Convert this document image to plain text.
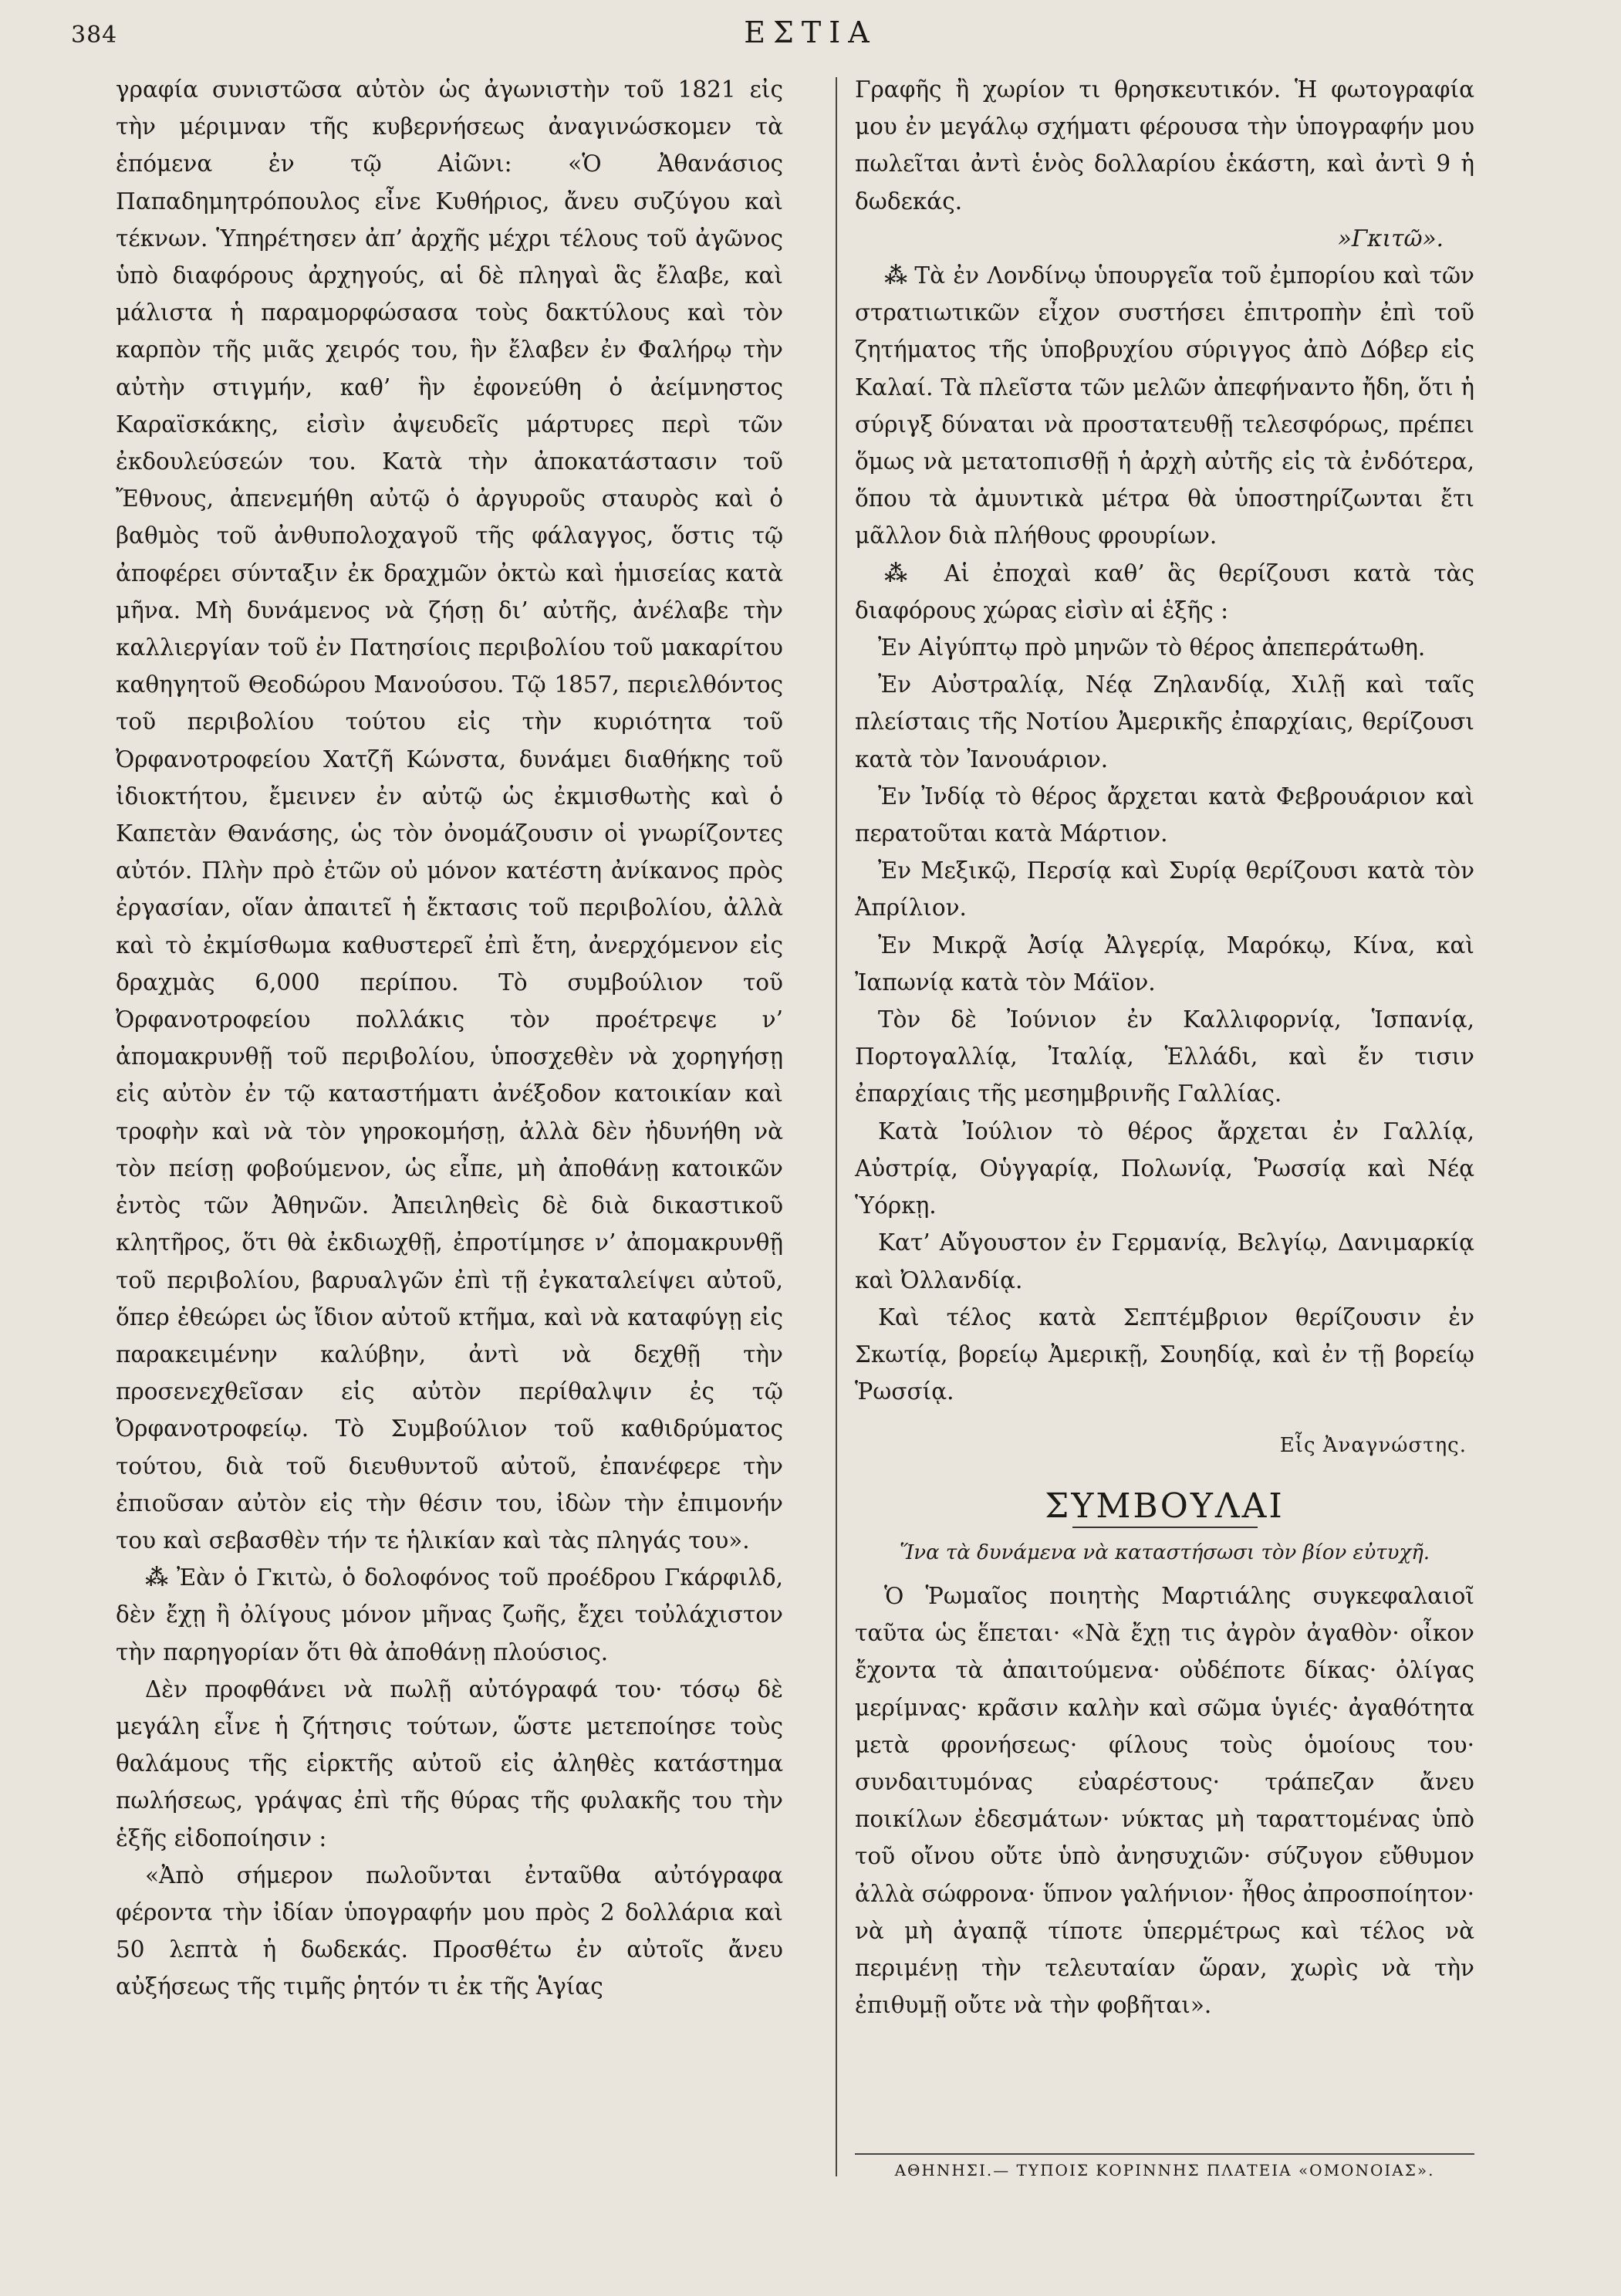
384	ΕΣΤΙΑ

γραφία συνιστῶσα αὐτὸν ὡς ἀγωνιστὴν τοῦ 1821 εἰς τὴν μέριμναν τῆς κυβερνήσεως ἀναγινώσκομεν τὰ ἑπόμενα ἐν τῷ Αἰῶνι: «Ὁ Ἀθανάσιος Παπαδημητρόπουλος εἶνε Κυθήριος, ἄνευ συζύγου καὶ τέκνων. Ὑπηρέτησεν ἀπ’ ἀρχῆς μέχρι τέλους τοῦ ἀγῶνος ὑπὸ διαφόρους ἀρχηγούς, αἱ δὲ πληγαὶ ἃς ἔλαβε, καὶ μάλιστα ἡ παραμορφώσασα τοὺς δακτύλους καὶ τὸν καρπὸν τῆς μιᾶς χειρός του, ἣν ἔλαβεν ἐν Φαλήρῳ τὴν αὐτὴν στιγμήν, καθ’ ἣν ἐφονεύθη ὁ ἀείμνηστος Καραϊσκάκης, εἰσὶν ἀψευδεῖς μάρτυρες περὶ τῶν ἐκδουλεύσεών του. Κατὰ τὴν ἀποκατάστασιν τοῦ Ἔθνους, ἀπενεμήθη αὐτῷ ὁ ἀργυροῦς σταυρὸς καὶ ὁ βαθμὸς τοῦ ἀνθυπολοχαγοῦ τῆς φάλαγγος, ὅστις τῷ ἀποφέρει σύνταξιν ἐκ δραχμῶν ὀκτὼ καὶ ἡμισείας κατὰ μῆνα. Μὴ δυνάμενος νὰ ζήσῃ δι’ αὐτῆς, ἀνέλαβε τὴν καλλιεργίαν τοῦ ἐν Πατησίοις περιβολίου τοῦ μακαρίτου καθηγητοῦ Θεοδώρου Μανούσου. Τῷ 1857, περιελθόντος τοῦ περιβολίου τούτου εἰς τὴν κυριότητα τοῦ Ὀρφανοτροφείου Χατζῆ Κώνστα, δυνάμει διαθήκης τοῦ ἰδιοκτήτου, ἔμεινεν ἐν αὐτῷ ὡς ἐκμισθωτὴς καὶ ὁ Καπετὰν Θανάσης, ὡς τὸν ὀνομάζουσιν οἱ γνωρίζοντες αὐτόν. Πλὴν πρὸ ἐτῶν οὐ μόνον κατέστη ἀνίκανος πρὸς ἐργασίαν, οἵαν ἀπαιτεῖ ἡ ἔκτασις τοῦ περιβολίου, ἀλλὰ καὶ τὸ ἐκμίσθωμα καθυστερεῖ ἐπὶ ἔτη, ἀνερχόμενον εἰς δραχμὰς 6,000 περίπου. Τὸ συμβούλιον τοῦ Ὀρφανοτροφείου πολλάκις τὸν προέτρεψε ν’ ἀπομακρυνθῇ τοῦ περιβολίου, ὑποσχεθὲν νὰ χορηγήσῃ εἰς αὐτὸν ἐν τῷ καταστήματι ἀνέξοδον κατοικίαν καὶ τροφὴν καὶ νὰ τὸν γηροκομήσῃ, ἀλλὰ δὲν ἠδυνήθη νὰ τὸν πείσῃ φοβούμενον, ὡς εἶπε, μὴ ἀποθάνῃ κατοικῶν ἐντὸς τῶν Ἀθηνῶν. Ἀπειληθεὶς δὲ διὰ δικαστικοῦ κλητῆρος, ὅτι θὰ ἐκδιωχθῇ, ἐπροτίμησε ν’ ἀπομακρυνθῇ τοῦ περιβολίου, βαρυαλγῶν ἐπὶ τῇ ἐγκαταλείψει αὐτοῦ, ὅπερ ἐθεώρει ὡς ἴδιον αὐτοῦ κτῆμα, καὶ νὰ καταφύγῃ εἰς παρακειμένην καλύβην, ἀντὶ νὰ δεχθῇ τὴν προσενεχθεῖσαν εἰς αὐτὸν περίθαλψιν ἐς τῷ Ὀρφανοτροφείῳ. Τὸ Συμβούλιον τοῦ καθιδρύματος τούτου, διὰ τοῦ διευθυντοῦ αὐτοῦ, ἐπανέφερε τὴν ἐπιοῦσαν αὐτὸν εἰς τὴν θέσιν του, ἰδὼν τὴν ἐπιμονήν του καὶ σεβασθὲν τήν τε ἡλικίαν καὶ τὰς πληγάς του».

⁂ Ἐὰν ὁ Γκιτὼ, ὁ δολοφόνος τοῦ προέδρου Γκάρφιλδ, δὲν ἔχῃ ἢ ὀλίγους μόνον μῆνας ζωῆς, ἔχει τοὐλάχιστον τὴν παρηγορίαν ὅτι θὰ ἀποθάνῃ πλούσιος.

Δὲν προφθάνει νὰ πωλῇ αὐτόγραφά του· τόσῳ δὲ μεγάλη εἶνε ἡ ζήτησις τούτων, ὥστε μετεποίησε τοὺς θαλάμους τῆς εἱρκτῆς αὐτοῦ εἰς ἀληθὲς κατάστημα πωλήσεως, γράψας ἐπὶ τῆς θύρας τῆς φυλακῆς του τὴν ἑξῆς εἰδοποίησιν :

«Ἀπὸ σήμερον πωλοῦνται ἐνταῦθα αὐτόγραφα φέροντα τὴν ἰδίαν ὑπογραφήν μου πρὸς 2 δολλάρια καὶ 50 λεπτὰ ἡ δωδεκάς. Προσθέτω ἐν αὐτοῖς ἄνευ αὐξήσεως τῆς τιμῆς ῥητόν τι ἐκ τῆς Ἁγίας

Γραφῆς ἢ χωρίον τι θρησκευτικόν. Ἡ φωτογραφία μου ἐν μεγάλῳ σχήματι φέρουσα τὴν ὑπογραφήν μου πωλεῖται ἀντὶ ἑνὸς δολλαρίου ἑκάστη, καὶ ἀντὶ 9 ἡ δωδεκάς.

»Γκιτῶ».

⁂ Τὰ ἐν Λονδίνῳ ὑπουργεῖα τοῦ ἐμπορίου καὶ τῶν στρατιωτικῶν εἶχον συστήσει ἐπιτροπὴν ἐπὶ τοῦ ζητήματος τῆς ὑποβρυχίου σύριγγος ἀπὸ Δόβερ εἰς Καλαί. Τὰ πλεῖστα τῶν μελῶν ἀπεφήναντο ἤδη, ὅτι ἡ σύριγξ δύναται νὰ προστατευθῇ τελεσφόρως, πρέπει ὅμως νὰ μετατοπισθῇ ἡ ἀρχὴ αὐτῆς εἰς τὰ ἐνδότερα, ὅπου τὰ ἀμυντικὰ μέτρα θὰ ὑποστηρίζωνται ἔτι μᾶλλον διὰ πλήθους φρουρίων.

⁂ Αἱ ἐποχαὶ καθ’ ἃς θερίζουσι κατὰ τὰς διαφόρους χώρας εἰσὶν αἱ ἑξῆς :

Ἐν Αἰγύπτῳ πρὸ μηνῶν τὸ θέρος ἀπεπεράτωθη.

Ἐν Αὐστραλίᾳ, Νέᾳ Ζηλανδίᾳ, Χιλῇ καὶ ταῖς πλείσταις τῆς Νοτίου Ἀμερικῆς ἐπαρχίαις, θερίζουσι κατὰ τὸν Ἰανουάριον.

Ἐν Ἰνδίᾳ τὸ θέρος ἄρχεται κατὰ Φεβρουάριον καὶ περατοῦται κατὰ Μάρτιον.

Ἐν Μεξικῷ, Περσίᾳ καὶ Συρίᾳ θερίζουσι κατὰ τὸν Ἀπρίλιον.

Ἐν Μικρᾷ Ἀσίᾳ Ἀλγερίᾳ, Μαρόκῳ, Κίνα, καὶ Ἰαπωνίᾳ κατὰ τὸν Μάϊον.

Τὸν δὲ Ἰούνιον ἐν Καλλιφορνίᾳ, Ἱσπανίᾳ, Πορτογαλλίᾳ, Ἰταλίᾳ, Ἑλλάδι, καὶ ἔν τισιν ἐπαρχίαις τῆς μεσημβρινῆς Γαλλίας.

Κατὰ Ἰούλιον τὸ θέρος ἄρχεται ἐν Γαλλίᾳ, Αὐστρίᾳ, Οὑγγαρίᾳ, Πολωνίᾳ, Ῥωσσίᾳ καὶ Νέᾳ Ὑόρκῃ.

Κατ’ Αὔγουστον ἐν Γερμανίᾳ, Βελγίῳ, Δανιμαρκίᾳ καὶ Ὀλλανδίᾳ.

Καὶ τέλος κατὰ Σεπτέμβριον θερίζουσιν ἐν Σκωτίᾳ, βορείῳ Ἀμερικῇ, Σουηδίᾳ, καὶ ἐν τῇ βορείῳ Ῥωσσίᾳ.

Εἷς Ἀναγνώστης.

ΣΥΜΒΟΥΛΑΙ

Ἵνα τὰ δυνάμενα νὰ καταστήσωσι τὸν βίον εὐτυχῆ.

Ὁ Ῥωμαῖος ποιητὴς Μαρτιάλης συγκεφαλαιοῖ ταῦτα ὡς ἕπεται· «Νὰ ἔχῃ τις ἀγρὸν ἀγαθὸν· οἶκον ἔχοντα τὰ ἀπαιτούμενα· οὐδέποτε δίκας· ὀλίγας μερίμνας· κρᾶσιν καλὴν καὶ σῶμα ὑγιές· ἀγαθότητα μετὰ φρονήσεως· φίλους τοὺς ὁμοίους του· συνδαιτυμόνας εὐαρέστους· τράπεζαν ἄνευ ποικίλων ἐδεσμάτων· νύκτας μὴ ταραττομένας ὑπὸ τοῦ οἴνου οὔτε ὑπὸ ἀνησυχιῶν· σύζυγον εὔθυμον ἀλλὰ σώφρονα· ὕπνον γαλήνιον· ἦθος ἀπροσποίητον· νὰ μὴ ἀγαπᾷ τίποτε ὑπερμέτρως καὶ τέλος νὰ περιμένῃ τὴν τελευταίαν ὥραν, χωρὶς νὰ τὴν ἐπιθυμῇ οὔτε νὰ τὴν φοβῆται».

ΑΘΗΝΗΣΙ.— ΤΥΠΟΙΣ ΚΟΡΙΝΝΗΣ ΠΛΑΤΕΙΑ «ΟΜΟΝΟΙΑΣ».
